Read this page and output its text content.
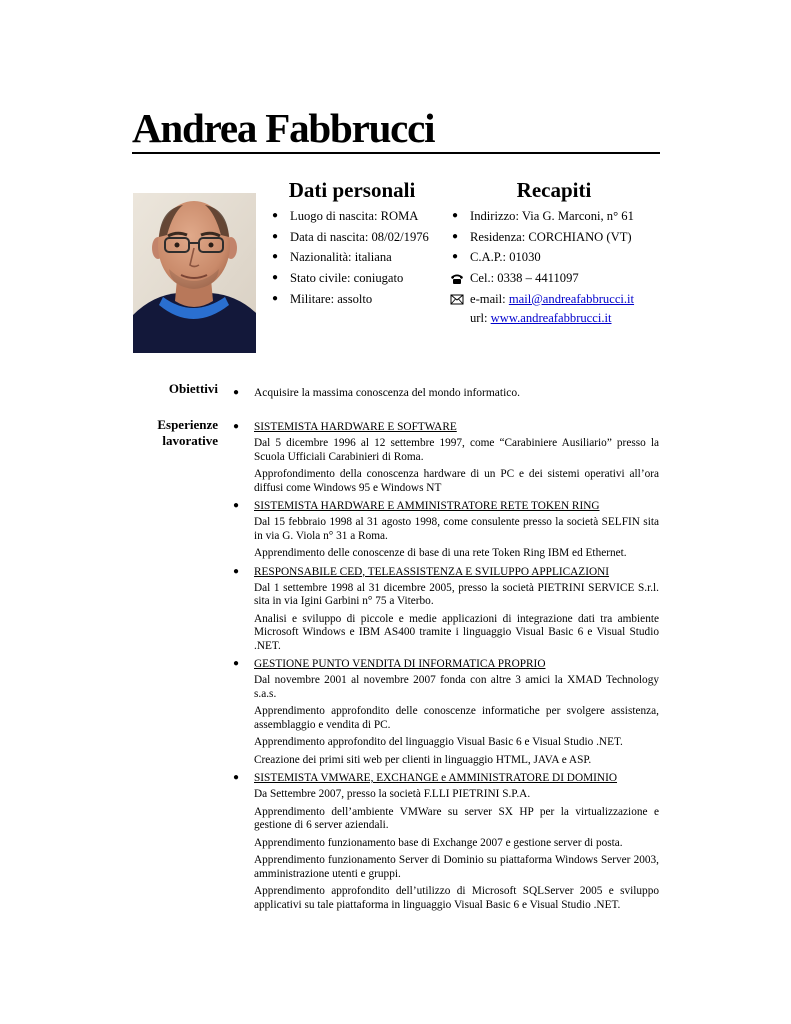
Andrea Fabbrucci
Dati personali
● Luogo di nascita: ROMA
● Data di nascita: 08/02/1976
● Nazionalità: italiana
● Stato civile: coniugato
● Militare: assolto
Recapiti
● Indirizzo: Via G. Marconi, n° 61
● Residenza: CORCHIANO (VT)
● C.A.P.: 01030
Cel.: 0338 – 4411097
e-mail: mail@andreafabbrucci.it
url: www.andreafabbrucci.it
Obiettivi ● Acquisire la massima conoscenza del mondo informatico.
Esperienze
lavorative
● SISTEMISTA HARDWARE E SOFTWARE

Dal 5 dicembre 1996 al 12 settembre 1997, come “Carabiniere Ausiliario” presso la Scuola Ufficiali Carabinieri di Roma.

Approfondimento della conoscenza hardware di un PC e dei sistemi operativi all’ora diffusi come Windows 95 e Windows NT

● SISTEMISTA HARDWARE E AMMINISTRATORE RETE TOKEN RING

Dal 15 febbraio 1998 al 31 agosto 1998, come consulente presso la società SELFIN sita in via G. Viola n° 31 a Roma.

Apprendimento delle conoscenze di base di una rete Token Ring IBM ed Ethernet.

● RESPONSABILE CED, TELEASSISTENZA E SVILUPPO APPLICAZIONI

Dal 1 settembre 1998 al 31 dicembre 2005, presso la società PIETRINI SERVICE S.r.l. sita in via Igini Garbini n° 75 a Viterbo.

Analisi e sviluppo di piccole e medie applicazioni di integrazione dati tra ambiente Microsoft Windows e IBM AS400 tramite i linguaggio Visual Basic 6 e Visual Studio .NET.

● GESTIONE PUNTO VENDITA DI INFORMATICA PROPRIO

Dal novembre 2001 al novembre 2007 fonda con altre 3 amici la XMAD Technology s.a.s.

Apprendimento approfondito delle conoscenze informatiche per svolgere assistenza, assemblaggio e vendita di PC.

Apprendimento approfondito del linguaggio Visual Basic 6 e Visual Studio .NET.

Creazione dei primi siti web per clienti in linguaggio HTML, JAVA e ASP.

● SISTEMISTA VMWARE, EXCHANGE e AMMINISTRATORE DI DOMINIO

Da Settembre 2007, presso la società F.LLI PIETRINI S.P.A.

Apprendimento dell’ambiente VMWare su server SX HP per la virtualizzazione e gestione di 6 server aziendali.

Apprendimento funzionamento base di Exchange 2007 e gestione server di posta.

Apprendimento funzionamento Server di Dominio su piattaforma Windows Server 2003, amministrazione utenti e gruppi.

Apprendimento approfondito dell’utilizzo di Microsoft SQLServer 2005 e sviluppo applicativi su tale piattaforma in linguaggio Visual Basic 6 e Visual Studio .NET.
